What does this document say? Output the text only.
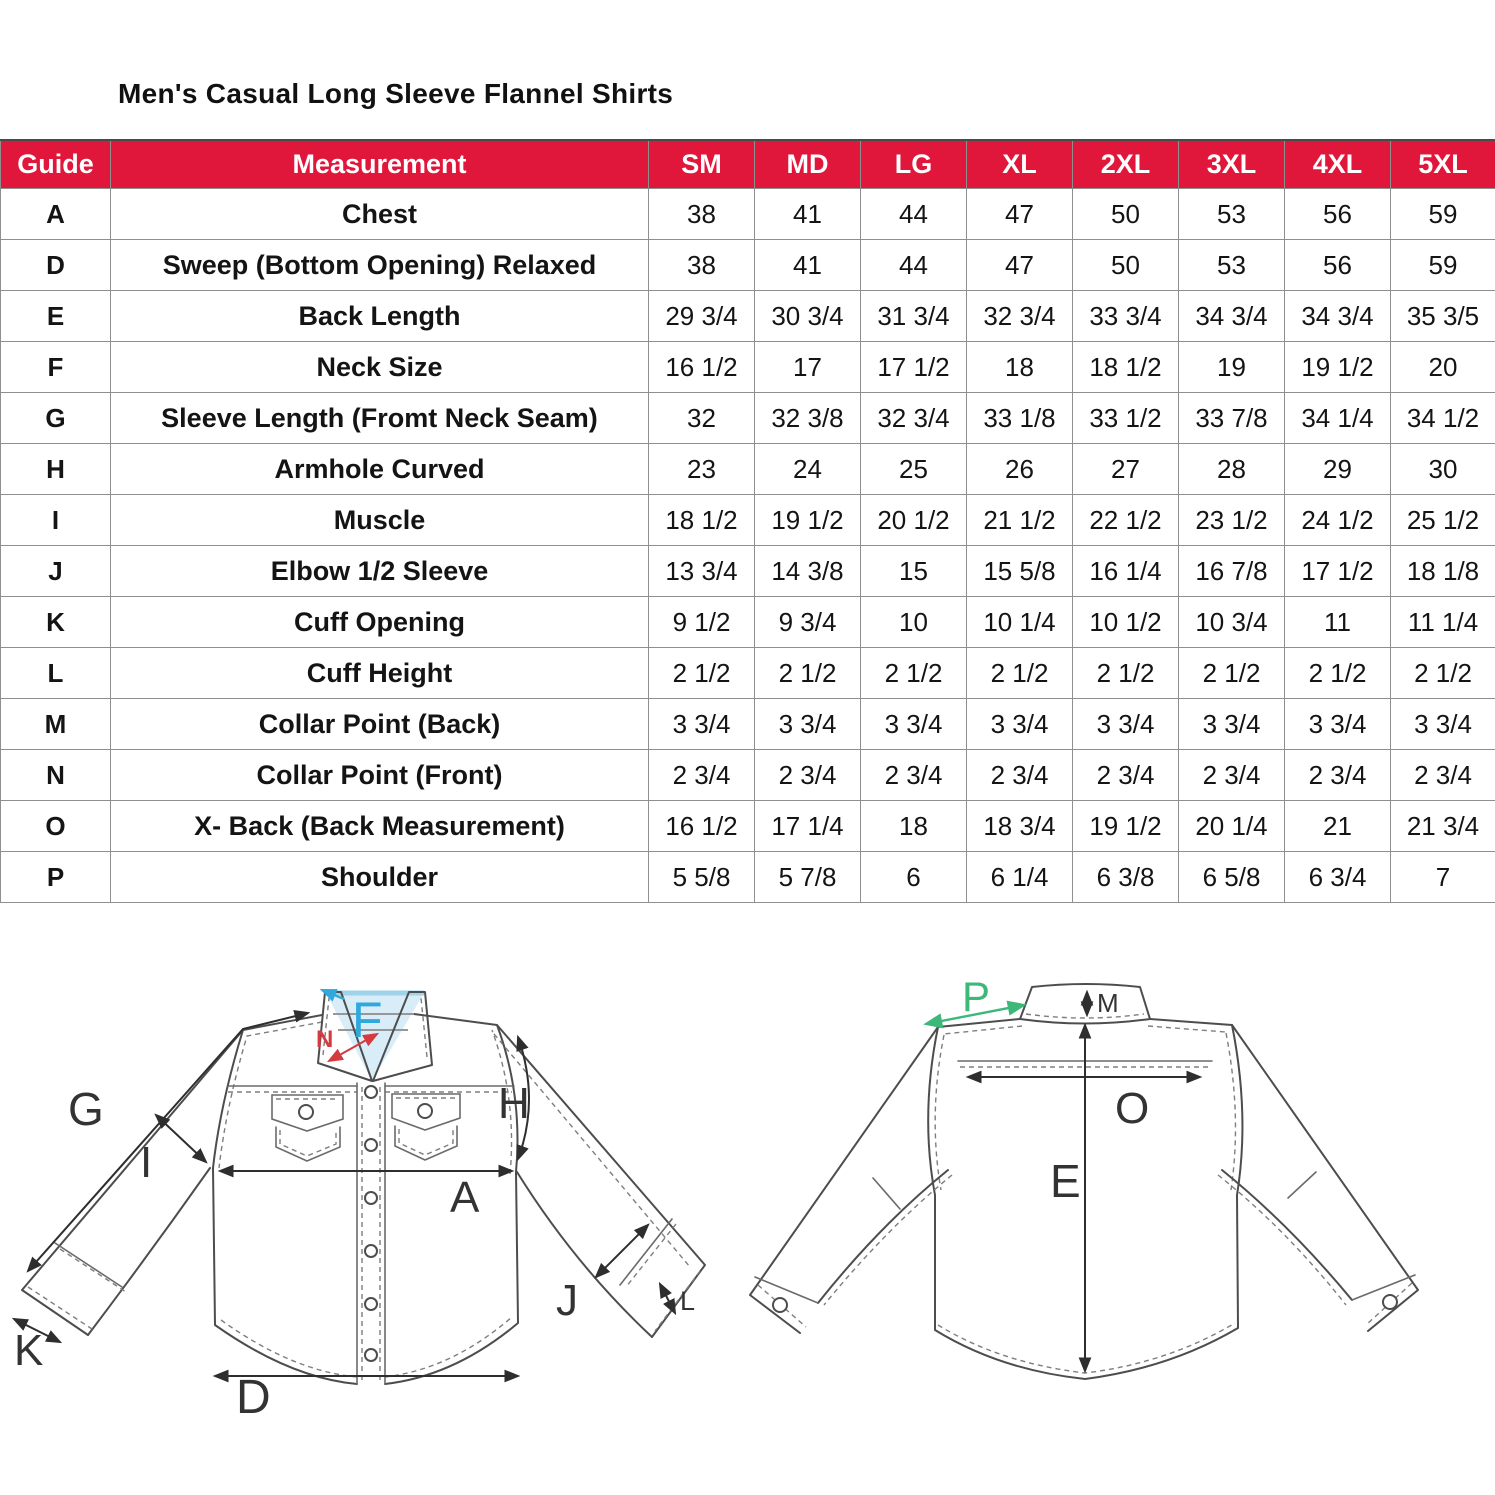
Men's Casual Long Sleeve Flannel Shirts
Guide	Measurement	SM	MD	LG	XL	2XL	3XL	4XL	5XL
A	Chest	38	41	44	47	50	53	56	59
D	Sweep (Bottom Opening) Relaxed	38	41	44	47	50	53	56	59
E	Back Length	29 3/4	30 3/4	31 3/4	32 3/4	33 3/4	34 3/4	34 3/4	35 3/5
F	Neck Size	16 1/2	17	17 1/2	18	18 1/2	19	19 1/2	20
G	Sleeve Length (Fromt Neck Seam)	32	32 3/8	32 3/4	33 1/8	33 1/2	33 7/8	34 1/4	34 1/2
H	Armhole Curved	23	24	25	26	27	28	29	30
I	Muscle	18 1/2	19 1/2	20 1/2	21 1/2	22 1/2	23 1/2	24 1/2	25 1/2
J	Elbow 1/2 Sleeve	13 3/4	14 3/8	15	15 5/8	16 1/4	16 7/8	17 1/2	18 1/8
K	Cuff Opening	9 1/2	9 3/4	10	10 1/4	10 1/2	10 3/4	11	11 1/4
L	Cuff Height	2 1/2	2 1/2	2 1/2	2 1/2	2 1/2	2 1/2	2 1/2	2 1/2
M	Collar Point (Back)	3 3/4	3 3/4	3 3/4	3 3/4	3 3/4	3 3/4	3 3/4	3 3/4
N	Collar Point (Front)	2 3/4	2 3/4	2 3/4	2 3/4	2 3/4	2 3/4	2 3/4	2 3/4
O	X- Back (Back Measurement)	16 1/2	17 1/4	18	18 3/4	19 1/2	20 1/4	21	21 3/4
P	Shoulder	5 5/8	5 7/8	6	6 1/4	6 3/8	6 5/8	6 3/4	7
G
I
F
N
H
A
J
K
L
D
P	M
O
E
